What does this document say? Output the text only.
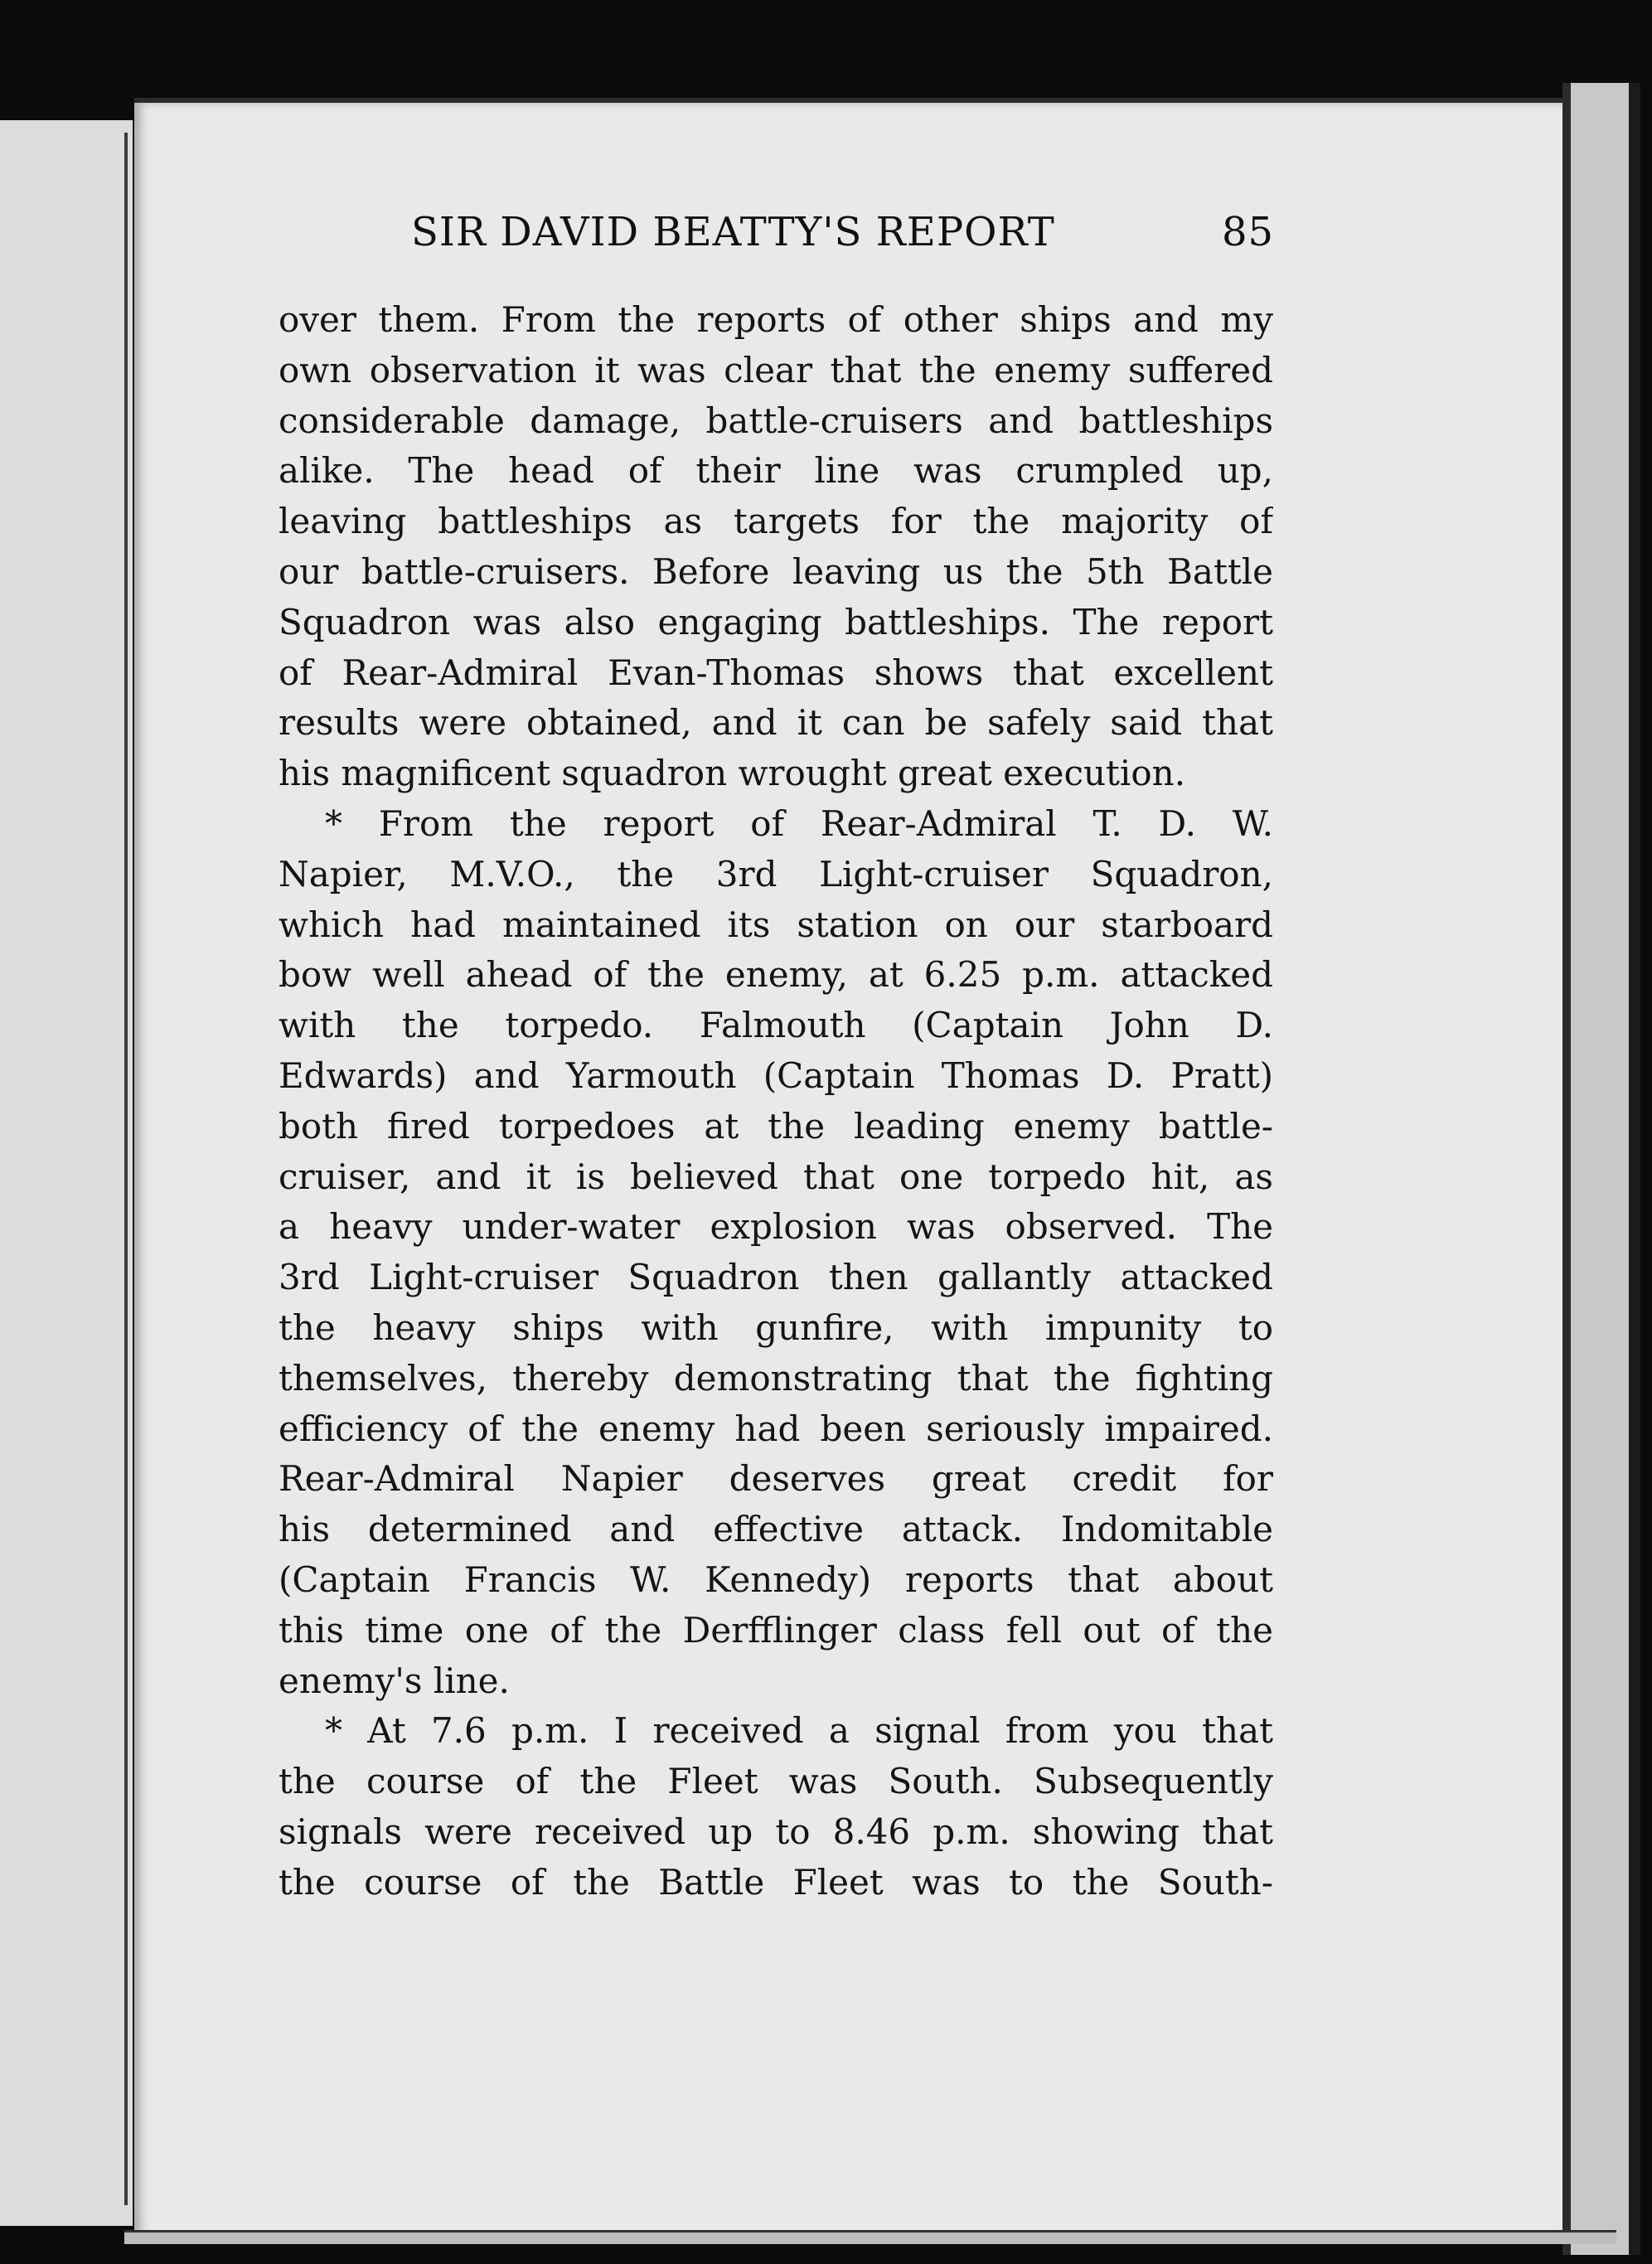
SIR DAVID BEATTY'S REPORT	85
over them. From the reports of other ships and my
own observation it was clear that the enemy suffered
considerable damage, battle-cruisers and battleships
alike. The head of their line was crumpled up,
leaving battleships as targets for the majority of
our battle-cruisers. Before leaving us the 5th Battle
Squadron was also engaging battleships. The report
of Rear-Admiral Evan-Thomas shows that excellent
results were obtained, and it can be safely said that
his magnificent squadron wrought great execution.
* From the report of Rear-Admiral T. D. W.
Napier, M.V.O., the 3rd Light-cruiser Squadron,
which had maintained its station on our starboard
bow well ahead of the enemy, at 6.25 p.m. attacked
with the torpedo. Falmouth (Captain John D.
Edwards) and Yarmouth (Captain Thomas D. Pratt)
both fired torpedoes at the leading enemy battle-
cruiser, and it is believed that one torpedo hit, as
a heavy under-water explosion was observed. The
3rd Light-cruiser Squadron then gallantly attacked
the heavy ships with gunfire, with impunity to
themselves, thereby demonstrating that the fighting
efficiency of the enemy had been seriously impaired.
Rear-Admiral Napier deserves great credit for
his determined and effective attack. Indomitable
(Captain Francis W. Kennedy) reports that about
this time one of the Derfflinger class fell out of the
enemy's line.
* At 7.6 p.m. I received a signal from you that
the course of the Fleet was South. Subsequently
signals were received up to 8.46 p.m. showing that
the course of the Battle Fleet was to the South-
